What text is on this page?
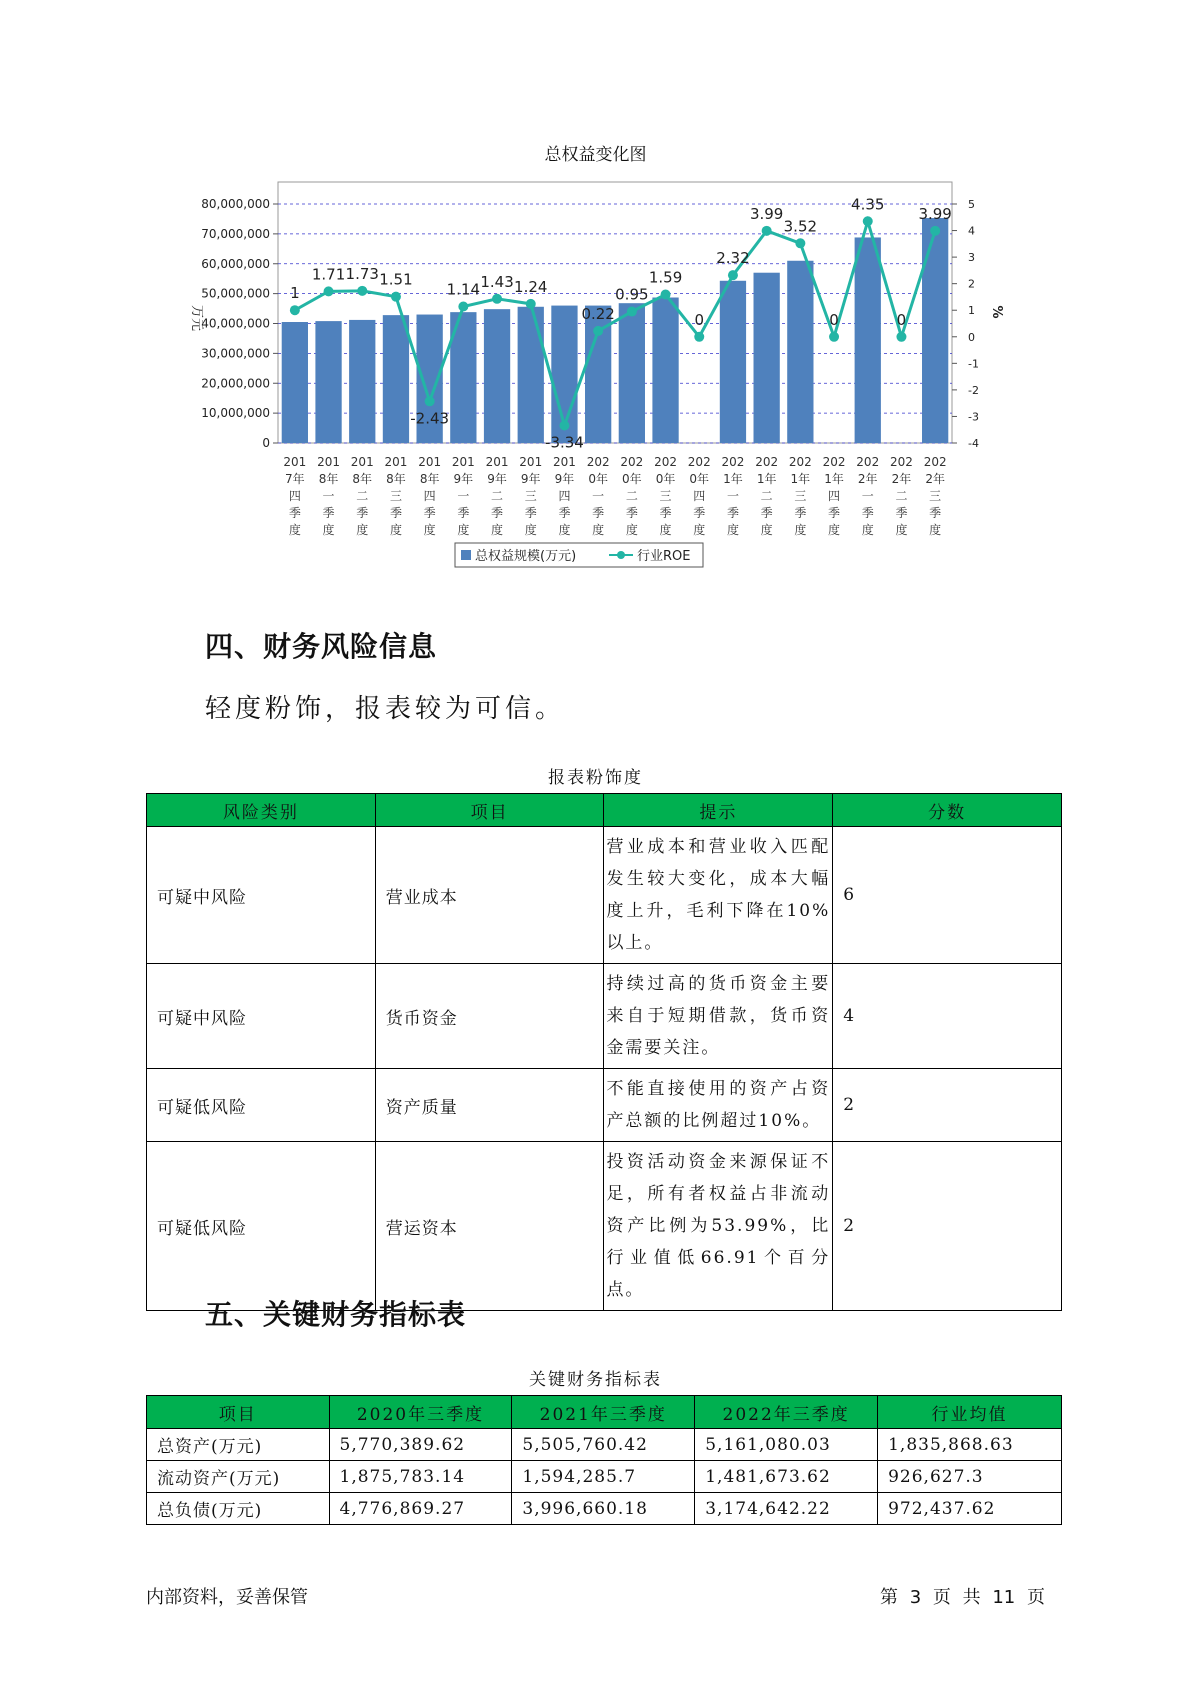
总权益变化图
80,000,000
70,000,000
60,000,000
50,000,000
40,000,000
30,000,000
20,000,000
10,000,000
0
5
4
3
2
1
0
-1
-2
-3
-4
万元	%
201
7年
四
季
度
201
8年
一
季
度
201
8年
二
季
度
201
8年
三
季
度
201
8年
四
季
度
201
9年
一
季
度
201
9年
二
季
度
201
9年
三
季
度
201
9年
四
季
度
202
0年
一
季
度
202
0年
二
季
度
202
0年
三
季
度
202
0年
四
季
度
202
1年
一
季
度
202
1年
二
季
度
202
1年
三
季
度
202
1年
四
季
度
202
2年
一
季
度
202
2年
二
季
度
202
2年
三
季
度
1
1.71 1.73 1.51
-2.43
1.14 1.43 1.24
-3.34
0.22
0.95
1.59
0
2.32
3.99
3.52
0
4.35
0
3.99
总权益规模(万元)	行业ROE
四、财务风险信息
轻度粉饰，报表较为可信。
报表粉饰度
风险类别	项目	提示	分数
可疑中风险	营业成本	营业成本和营业收入匹配发生较大变化，成本大幅度上升，毛利下降在10%以上。	6
可疑中风险	货币资金	持续过高的货币资金主要来自于短期借款，货币资金需要关注。	4
可疑低风险	资产质量	不能直接使用的资产占资产总额的比例超过10%。	2
可疑低风险	营运资本	投资活动资金来源保证不足，所有者权益占非流动资产比例为53.99%，比行业值低66.91个百分点。	2
五、关键财务指标表
关键财务指标表
项目	2020年三季度	2021年三季度	2022年三季度	行业均值
总资产(万元)	5,770,389.62	5,505,760.42	5,161,080.03	1,835,868.63
流动资产(万元)	1,875,783.14	1,594,285.7	1,481,673.62	926,627.3
总负债(万元)	4,776,869.27	3,996,660.18	3,174,642.22	972,437.62
内部资料，妥善保管	第 3 页 共 11 页
